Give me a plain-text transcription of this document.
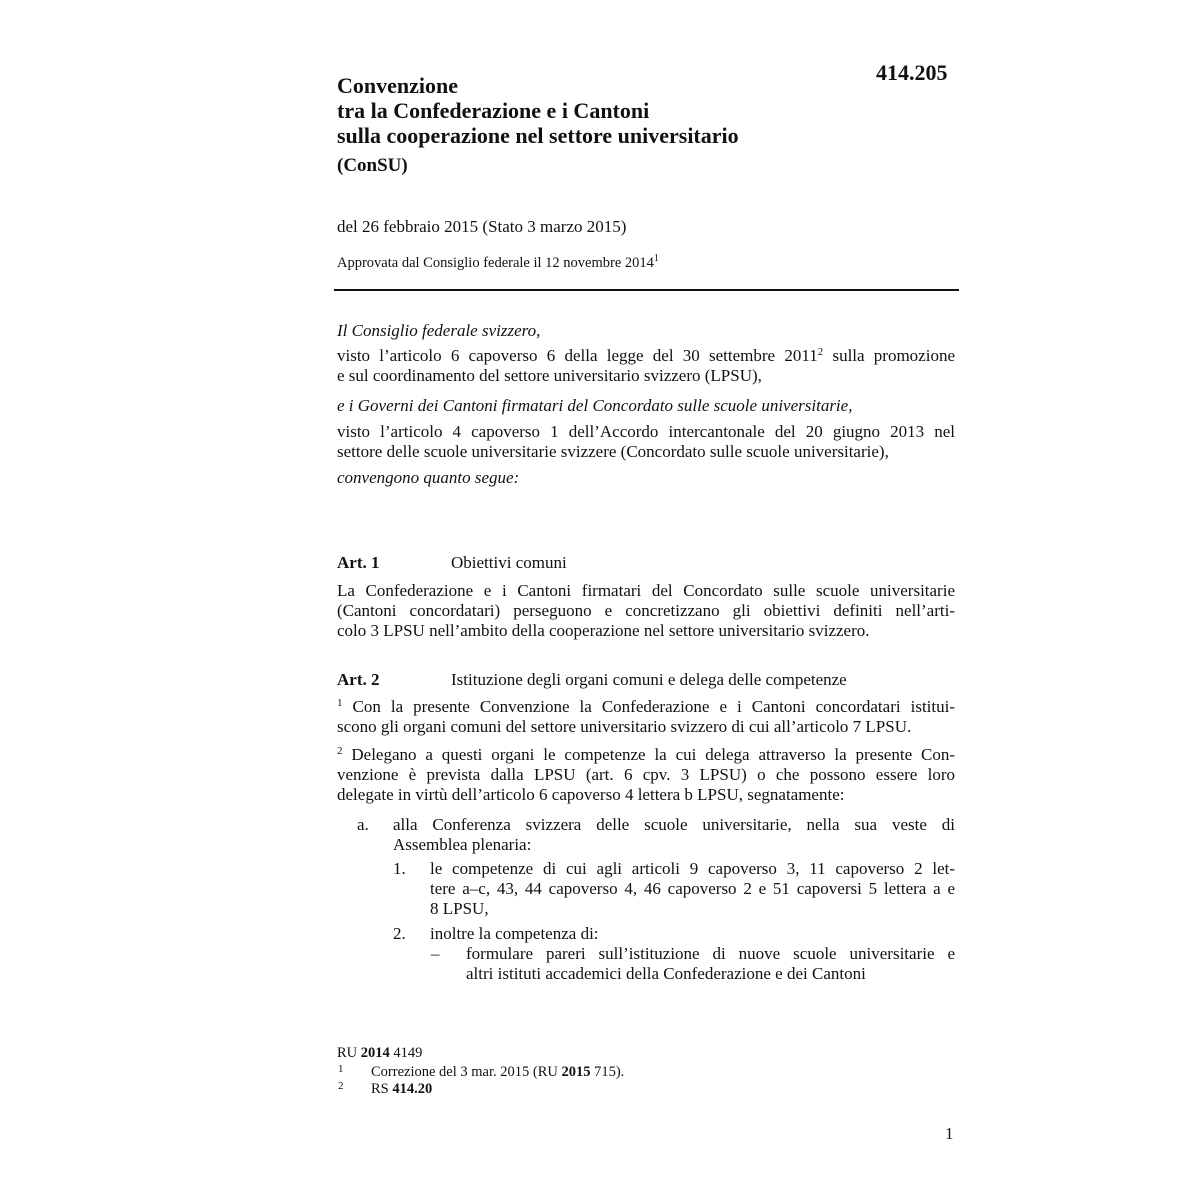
414.205
Convenzione
tra la Confederazione e i Cantoni
sulla cooperazione nel settore universitario
(ConSU)
del 26 febbraio 2015 (Stato 3 marzo 2015)
Approvata dal Consiglio federale il 12 novembre 2014$^1$
Il Consiglio federale svizzero,
visto l’articolo 6 capoverso 6 della legge del 30 settembre 2011$^2$ sulla promozione
e sul coordinamento del settore universitario svizzero (LPSU),
e i Governi dei Cantoni firmatari del Concordato sulle scuole universitarie,
visto l’articolo 4 capoverso 1 dell’Accordo intercantonale del 20 giugno 2013 nel
settore delle scuole universitarie svizzere (Concordato sulle scuole universitarie),
convengono quanto segue:
Art. 1	Obiettivi comuni
La Confederazione e i Cantoni firmatari del Concordato sulle scuole universitarie
(Cantoni concordatari) perseguono e concretizzano gli obiettivi definiti nell’arti-
colo 3 LPSU nell’ambito della cooperazione nel settore universitario svizzero.
Art. 2	Istituzione degli organi comuni e delega delle competenze
$^1$ Con la presente Convenzione la Confederazione e i Cantoni concordatari istitui-
scono gli organi comuni del settore universitario svizzero di cui all’articolo 7 LPSU.
$^2$ Delegano a questi organi le competenze la cui delega attraverso la presente Con-
venzione è prevista dalla LPSU (art. 6 cpv. 3 LPSU) o che possono essere loro
delegate in virtù dell’articolo 6 capoverso 4 lettera b LPSU, segnatamente:
a. alla Conferenza svizzera delle scuole universitarie, nella sua veste di
Assemblea plenaria:
1. le competenze di cui agli articoli 9 capoverso 3, 11 capoverso 2 let-
tere a–c, 43, 44 capoverso 4, 46 capoverso 2 e 51 capoversi 5 lettera a e
8 LPSU,
2. inoltre la competenza di:
– formulare pareri sull’istituzione di nuove scuole universitarie e
altri istituti accademici della Confederazione e dei Cantoni
RU 2014 4149
1 Correzione del 3 mar. 2015 (RU 2015 715).
2 RS 414.20
1
